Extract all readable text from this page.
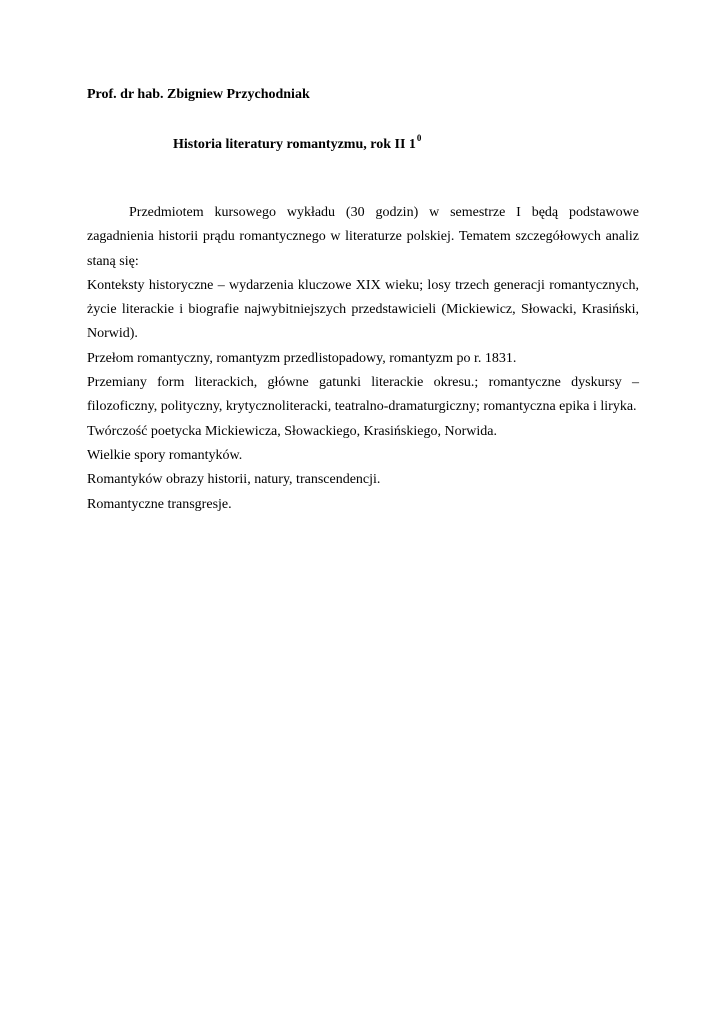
Prof. dr hab. Zbigniew Przychodniak
Historia literatury romantyzmu, rok II $1^0$

Przedmiotem kursowego wykładu (30 godzin) w semestrze I będą podstawowe zagadnienia historii prądu romantycznego w literaturze polskiej. Tematem szczegółowych analiz staną się:

Konteksty historyczne – wydarzenia kluczowe XIX wieku; losy trzech generacji romantycznych, życie literackie i biografie najwybitniejszych przedstawicieli (Mickiewicz, Słowacki, Krasiński, Norwid).

Przełom romantyczny, romantyzm przedlistopadowy, romantyzm po r. 1831.

Przemiany form literackich, główne gatunki literackie okresu.; romantyczne dyskursy – filozoficzny, polityczny, krytycznoliterack‌i, teatralno-dramaturgiczny; romantyczna epika i liryka.

Twórczość poetycka Mickiewicza, Słowackiego, Krasińskiego, Norwida.

Wielkie spory romantyków.

Romantyków obrazy historii, natury, transcendencji.

Romantyczne transgresje.
